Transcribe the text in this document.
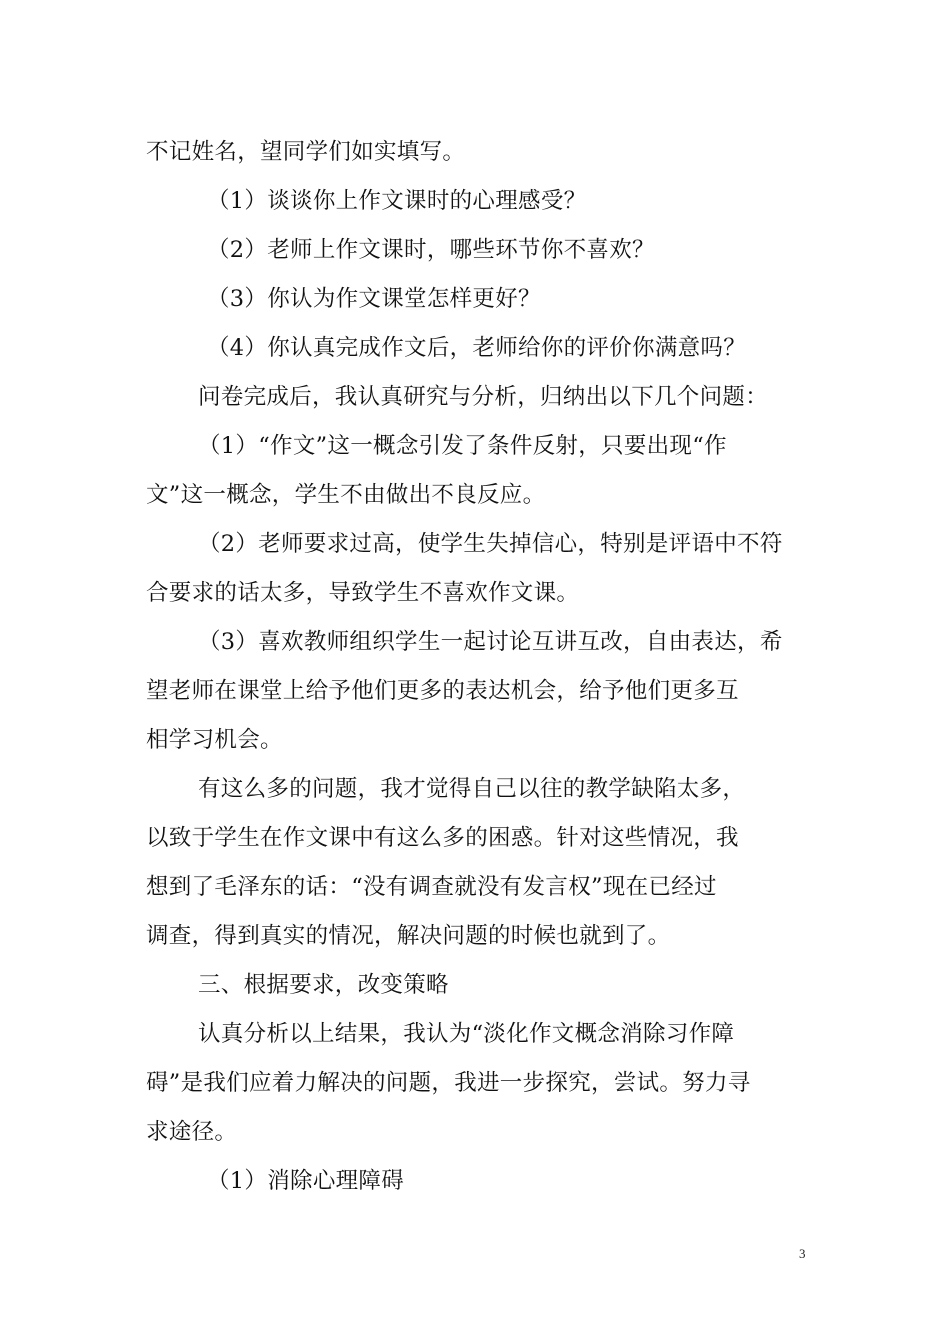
不记姓名，望同学们如实填写。
（1）谈谈你上作文课时的心理感受？
（2）老师上作文课时，哪些环节你不喜欢？
（3）你认为作文课堂怎样更好？
（4）你认真完成作文后，老师给你的评价你满意吗？
问卷完成后，我认真研究与分析，归纳出以下几个问题：
（1）“作文”这一概念引发了条件反射，只要出现“作
文”这一概念，学生不由做出不良反应。
（2）老师要求过高，使学生失掉信心，特别是评语中不符
合要求的话太多，导致学生不喜欢作文课。
（3）喜欢教师组织学生一起讨论互讲互改，自由表达，希
望老师在课堂上给予他们更多的表达机会，给予他们更多互
相学习机会。
有这么多的问题，我才觉得自己以往的教学缺陷太多，
以致于学生在作文课中有这么多的困惑。针对这些情况，我
想到了毛泽东的话：“没有调查就没有发言权”现在已经过
调查，得到真实的情况，解决问题的时候也就到了。
三、根据要求，改变策略
认真分析以上结果，我认为“淡化作文概念消除习作障
碍”是我们应着力解决的问题，我进一步探究，尝试。努力寻
求途径。
（1）消除心理障碍
3
